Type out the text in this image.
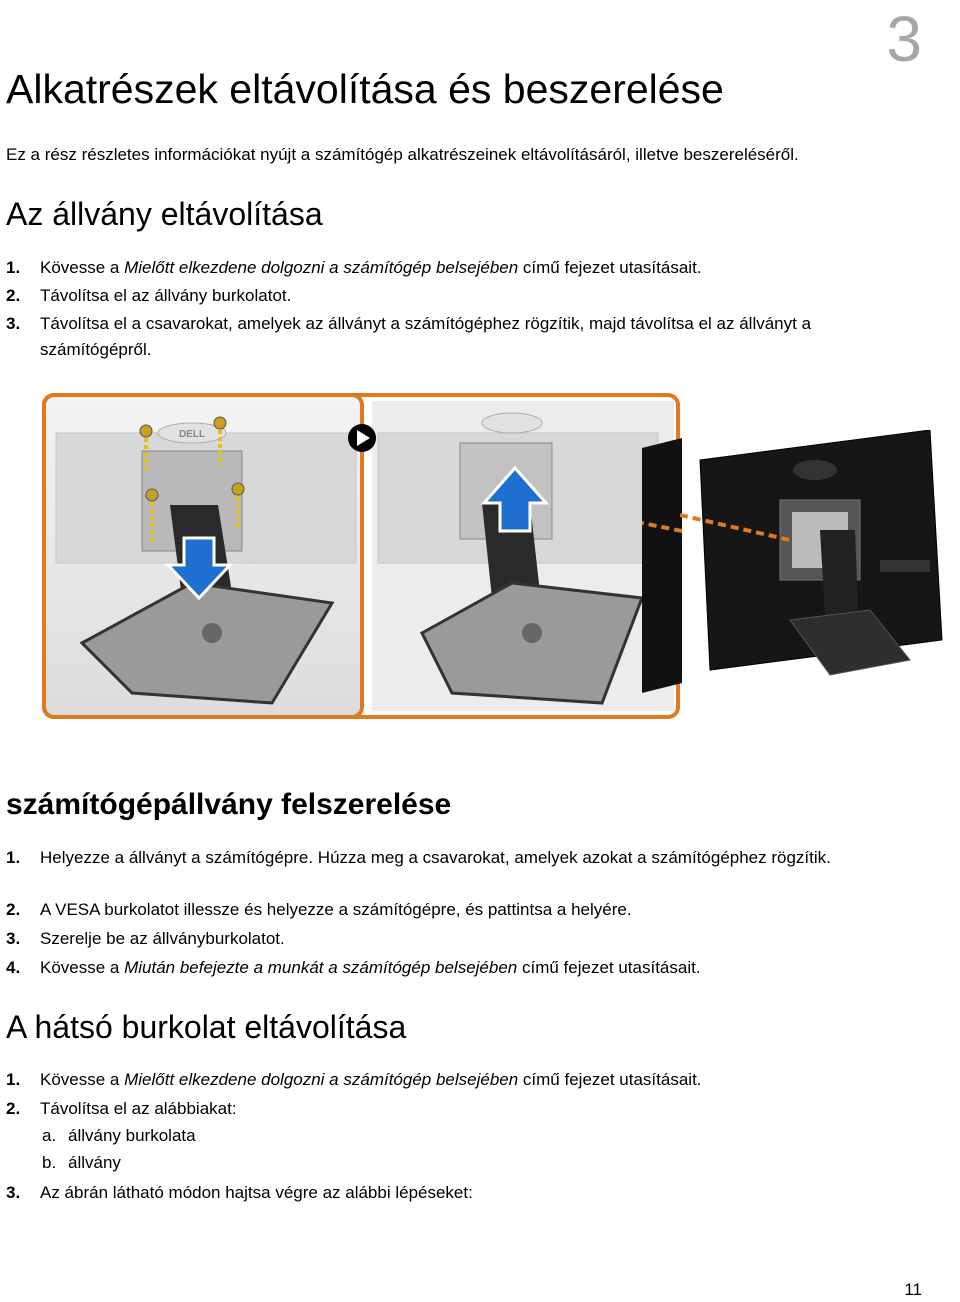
3
Alkatrészek eltávolítása és beszerelése
Ez a rész részletes információkat nyújt a számítógép alkatrészeinek eltávolításáról, illetve beszereléséről.
Az állvány eltávolítása
1. Kövesse a Mielőtt elkezdene dolgozni a számítógép belsejében című fejezet utasításait.
2. Távolítsa el az állvány burkolatot.
3. Távolítsa el a csavarokat, amelyek az állványt a számítógéphez rögzítik, majd távolítsa el az állványt a számítógépről.
DELL
számítógépállvány felszerelése
1. Helyezze a állványt a számítógépre. Húzza meg a csavarokat, amelyek azokat a számítógéphez rögzítik.
2. A VESA burkolatot illessze és helyezze a számítógépre, és pattintsa a helyére.
3. Szerelje be az állványburkolatot.
4. Kövesse a Miután befejezte a munkát a számítógép belsejében című fejezet utasításait.
A hátsó burkolat eltávolítása
1. Kövesse a Mielőtt elkezdene dolgozni a számítógép belsejében című fejezet utasításait.
2. Távolítsa el az alábbiakat:
a. állvány burkolata
b. állvány
3. Az ábrán látható módon hajtsa végre az alábbi lépéseket:
11
